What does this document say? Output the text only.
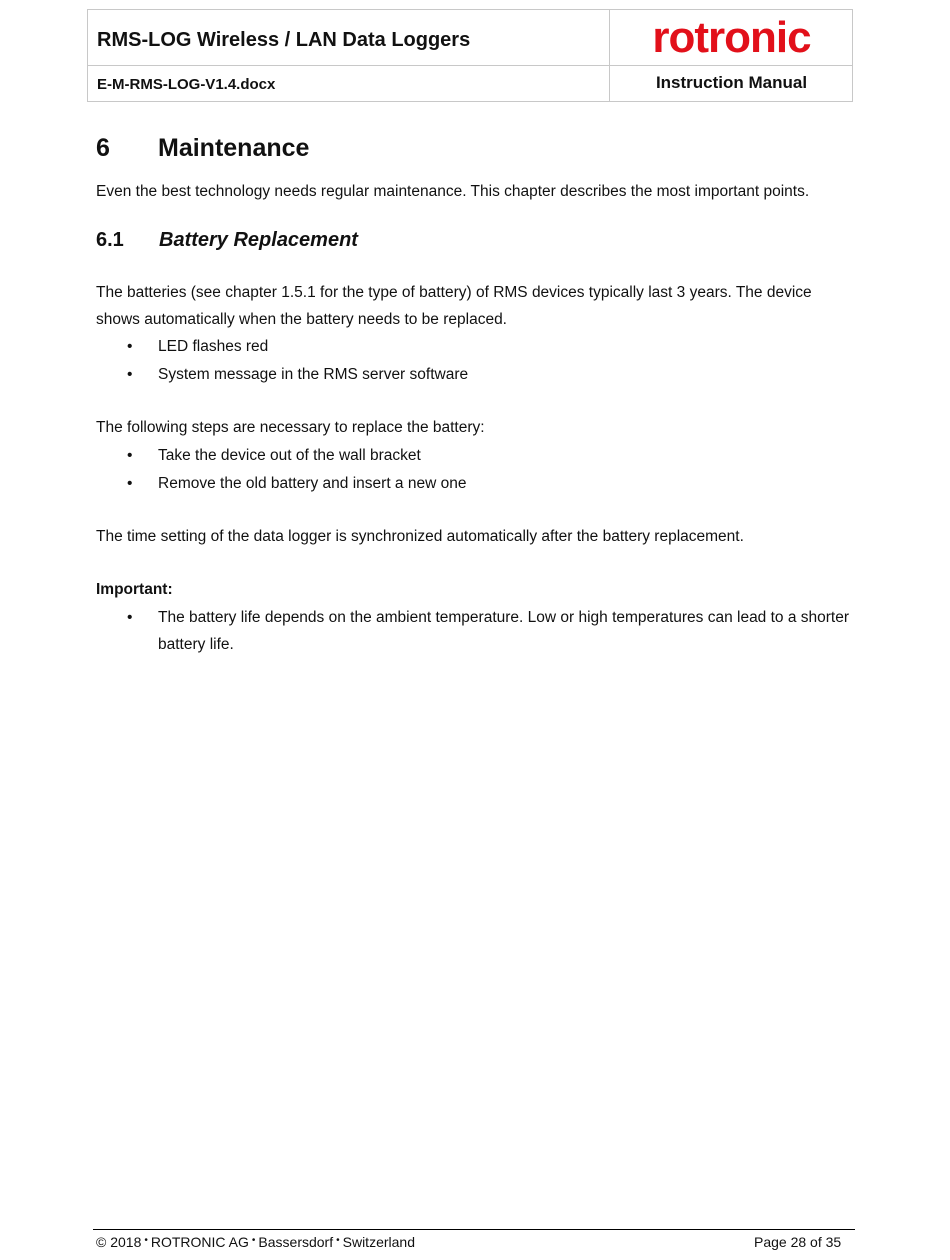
RMS-LOG Wireless / LAN Data Loggers
E-M-RMS-LOG-V1.4.docx
rotronic
Instruction Manual
6 Maintenance
Even the best technology needs regular maintenance. This chapter describes the most important points.
6.1 Battery Replacement
The batteries (see chapter 1.5.1 for the type of battery) of RMS devices typically last 3 years. The device shows automatically when the battery needs to be replaced.
• LED flashes red
• System message in the RMS server software
The following steps are necessary to replace the battery:
• Take the device out of the wall bracket
• Remove the old battery and insert a new one
The time setting of the data logger is synchronized automatically after the battery replacement.
Important:
• The battery life depends on the ambient temperature. Low or high temperatures can lead to a shorter battery life.
© 2018 • ROTRONIC AG • Bassersdorf • Switzerland	Page 28 of 35
